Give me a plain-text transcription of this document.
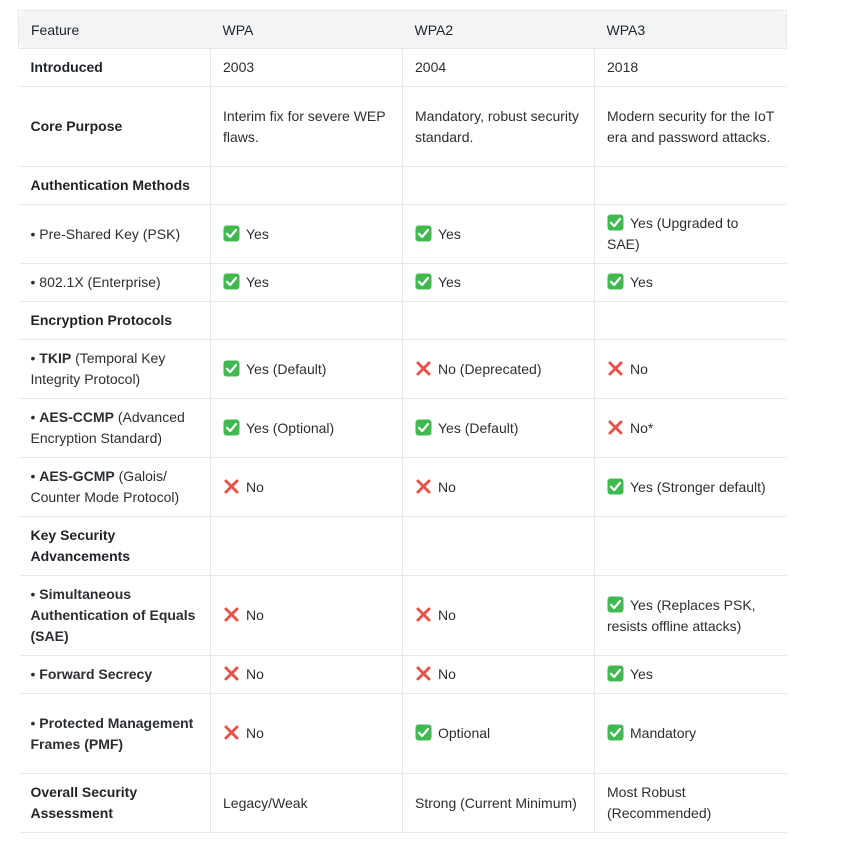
Feature	WPA	WPA2	WPA3
Introduced	2003	2004	2018
Core Purpose	Interim fix for severe WEP flaws.	Mandatory, robust security standard.	Modern security for the IoT era and password attacks.
Authentication Methods			
• Pre-Shared Key (PSK)	Yes	Yes	Yes (Upgraded to SAE)
• 802.1X (Enterprise)	Yes	Yes	Yes
Encryption Protocols			
• TKIP (Temporal Key Integrity Protocol)	Yes (Default)	No (Deprecated)	No
• AES-CCMP (Advanced Encryption Standard)	Yes (Optional)	Yes (Default)	No*
• AES-GCMP (Galois/ Counter Mode Protocol)	No	No	Yes (Stronger default)
Key Security Advancements			
• Simultaneous Authentication of Equals (SAE)	No	No	Yes (Replaces PSK, resists offline attacks)
• Forward Secrecy	No	No	Yes
• Protected Management Frames (PMF)	No	Optional	Mandatory
Overall Security Assessment	Legacy/Weak	Strong (Current Minimum)	Most Robust (Recommended)
